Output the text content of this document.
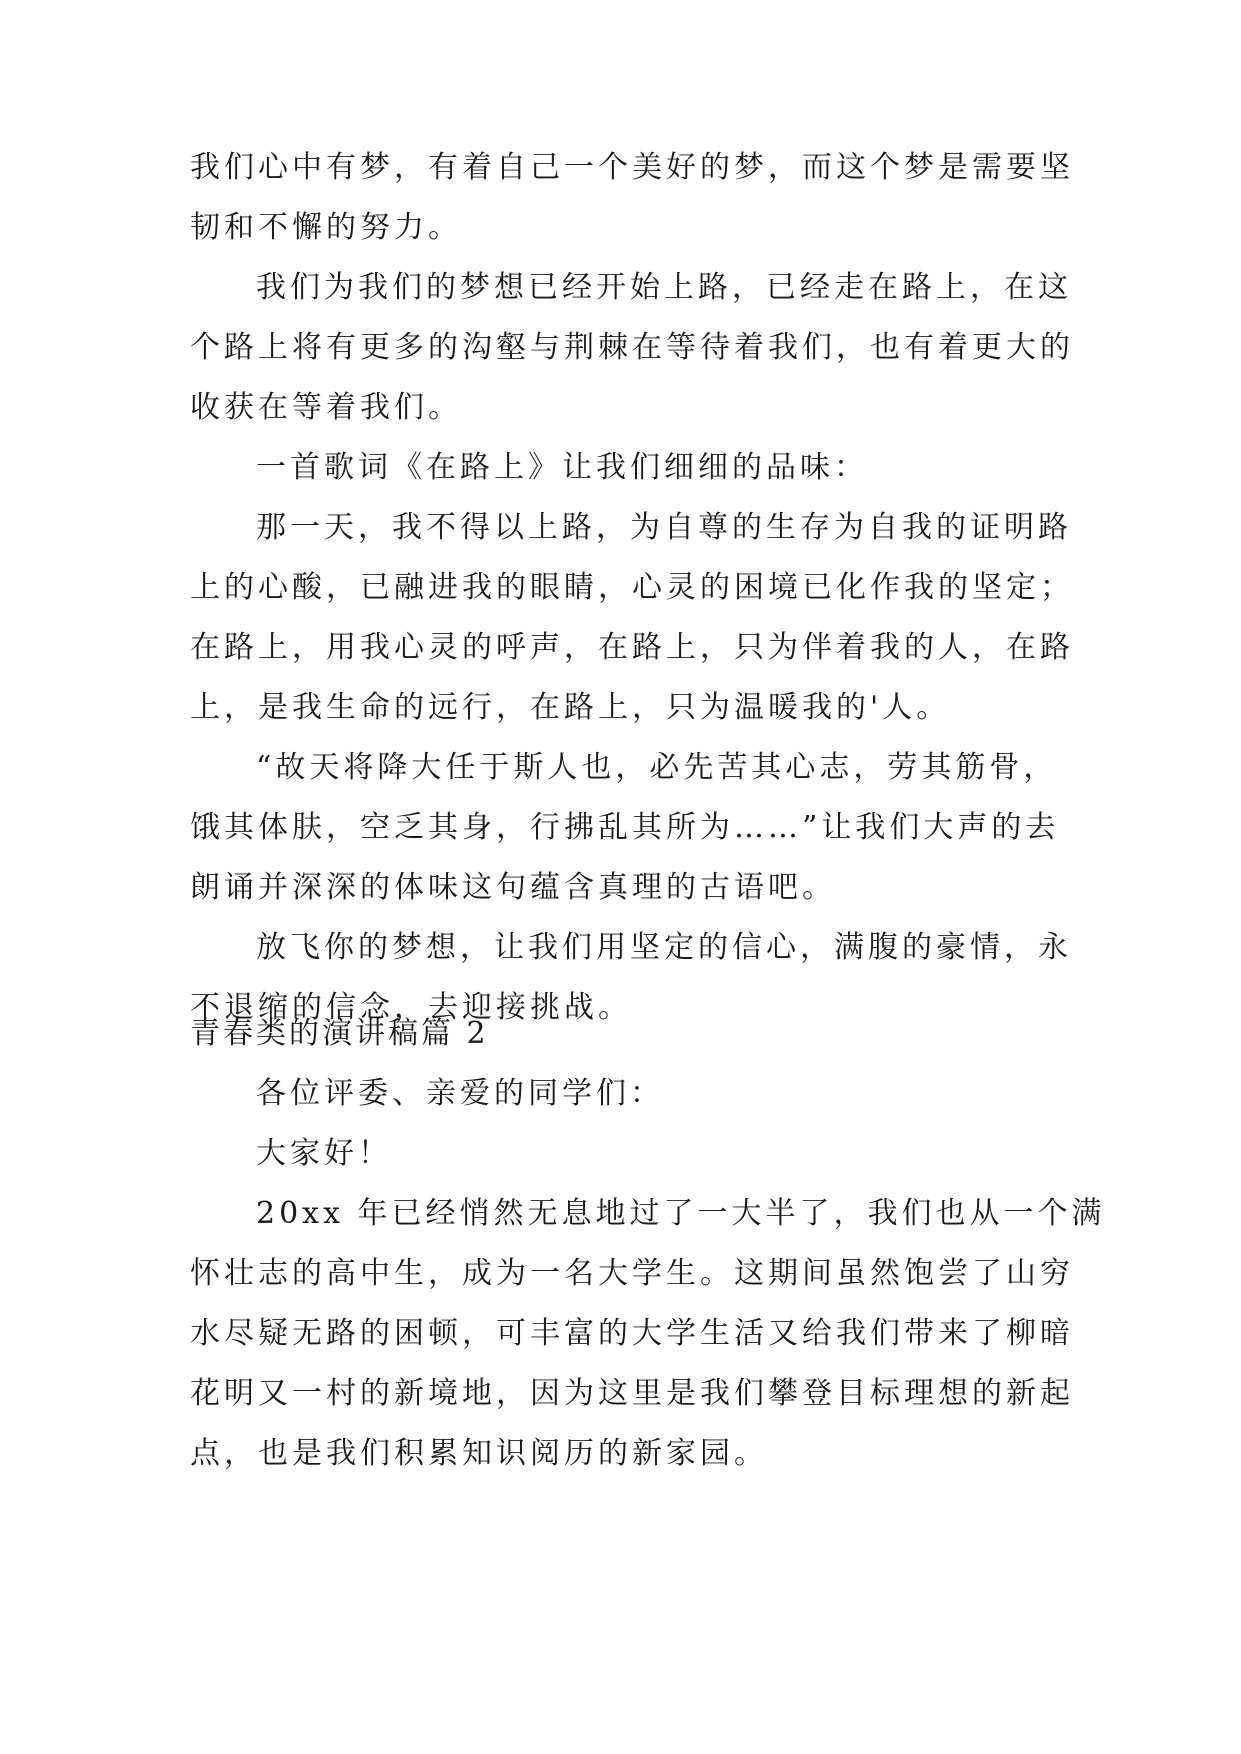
我们心中有梦，有着自己一个美好的梦，而这个梦是需要坚
韧和不懈的努力。
我们为我们的梦想已经开始上路，已经走在路上，在这
个路上将有更多的沟壑与荆棘在等待着我们，也有着更大的
收获在等着我们。
一首歌词《在路上》让我们细细的品味：
那一天，我不得以上路，为自尊的生存为自我的证明路
上的心酸，已融进我的眼睛，心灵的困境已化作我的坚定；
在路上，用我心灵的呼声，在路上，只为伴着我的人，在路
上，是我生命的远行，在路上，只为温暖我的'人。
“故天将降大任于斯人也，必先苦其心志，劳其筋骨，
饿其体肤，空乏其身，行拂乱其所为……”让我们大声的去
朗诵并深深的体味这句蕴含真理的古语吧。
放飞你的梦想，让我们用坚定的信心，满腹的豪情，永
不退缩的信念，去迎接挑战。
青春类的演讲稿篇 2
各位评委、亲爱的同学们：
大家好！
20xx 年已经悄然无息地过了一大半了，我们也从一个满
怀壮志的高中生，成为一名大学生。这期间虽然饱尝了山穷
水尽疑无路的困顿，可丰富的大学生活又给我们带来了柳暗
花明又一村的新境地，因为这里是我们攀登目标理想的新起
点，也是我们积累知识阅历的新家园。
